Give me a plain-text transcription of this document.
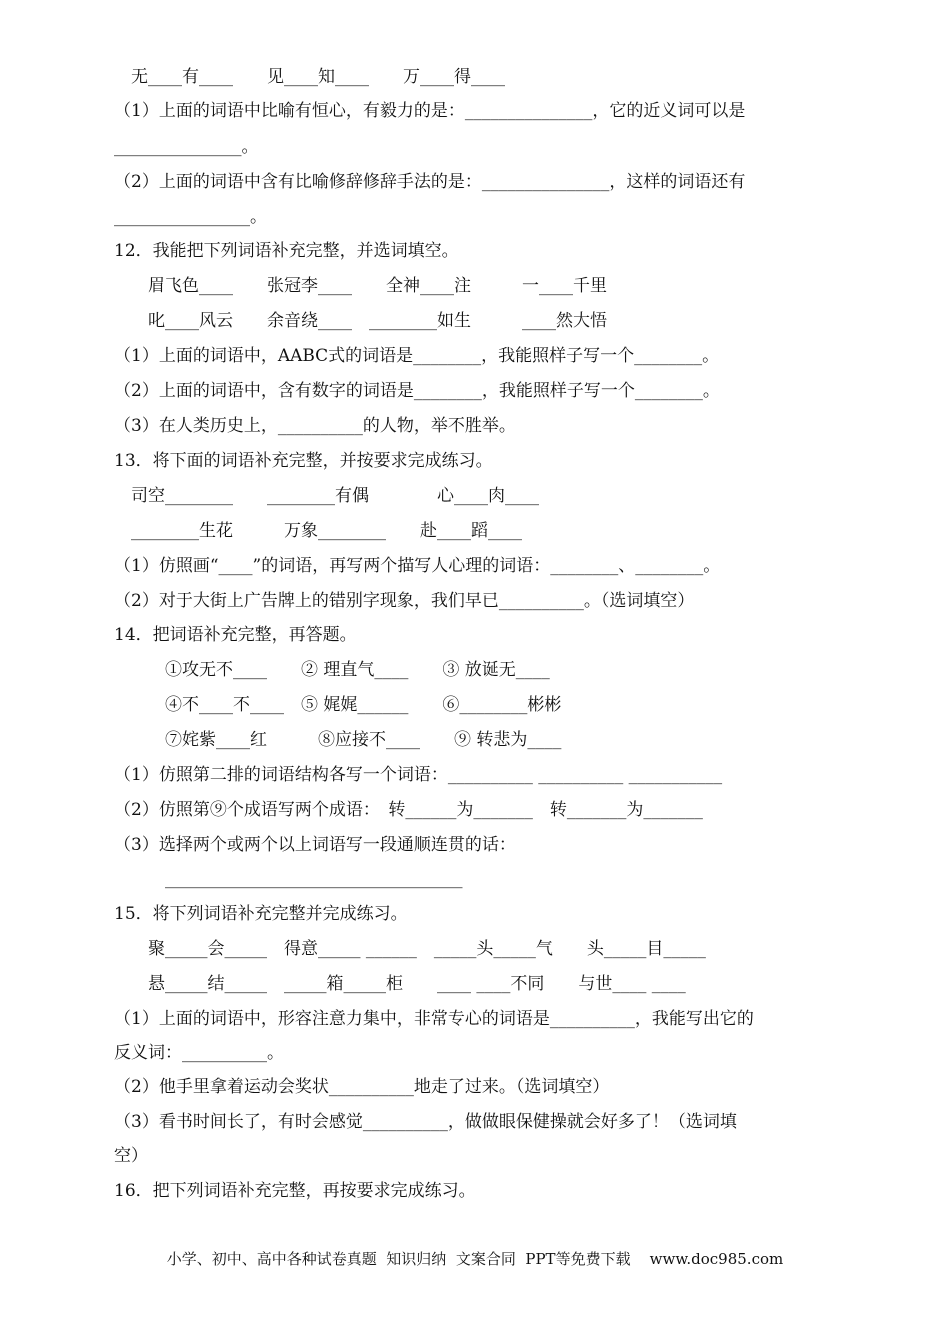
　无____有____　　见____知____　　万____得____
（1）上面的词语中比喻有恒心，有毅力的是：_______________，它的近义词可以是
_______________。
（2）上面的词语中含有比喻修辞修辞手法的是：_______________，这样的词语还有
________________。
12．我能把下列词语补充完整，并选词填空。
　　眉飞色____　　张冠李____　　全神____注　　　一____千里
　　叱____风云　　余音绕____　________如生　　　____然大悟
（1）上面的词语中，AABC式的词语是________，我能照样子写一个________。
（2）上面的词语中，含有数字的词语是________，我能照样子写一个________。
（3）在人类历史上，__________的人物，举不胜举。
13．将下面的词语补充完整，并按要求完成练习。
　司空________　　________有偶　　　　心____肉____
　________生花　　　万象________　　赴____蹈____
（1）仿照画“____”的词语，再写两个描写人心理的词语：________、________。
（2）对于大街上广告牌上的错别字现象，我们早已__________。（选词填空）
14．把词语补充完整，再答题。
　　　①攻无不____　　② 理直气____　　③ 放诞无____
　　　④不____不____　⑤ 娓娓______　　⑥________彬彬
　　　⑦姹紫____红　　　⑧应接不____　　⑨ 转悲为____
（1）仿照第二排的词语结构各写一个词语：__________ __________ ___________
（2）仿照第⑨个成语写两个成语：　转______为_______　转_______为_______
（3）选择两个或两个以上词语写一段通顺连贯的话：
　　　___________________________________
15．将下列词语补充完整并完成练习。
　　聚_____会_____　得意_____ ______　_____头_____气　　头_____目_____
　　悬_____结_____　_____箱_____柜　　____ ____不同　　与世____ ____
（1）上面的词语中，形容注意力集中，非常专心的词语是__________，我能写出它的
反义词：__________。
（2）他手里拿着运动会奖状__________地走了过来。（选词填空）
（3）看书时间长了，有时会感觉__________，做做眼保健操就会好多了！（选词填
空）
16．把下列词语补充完整，再按要求完成练习。
小学、初中、高中各种试卷真题  知识归纳  文案合同  PPT等免费下载    www.doc985.com
